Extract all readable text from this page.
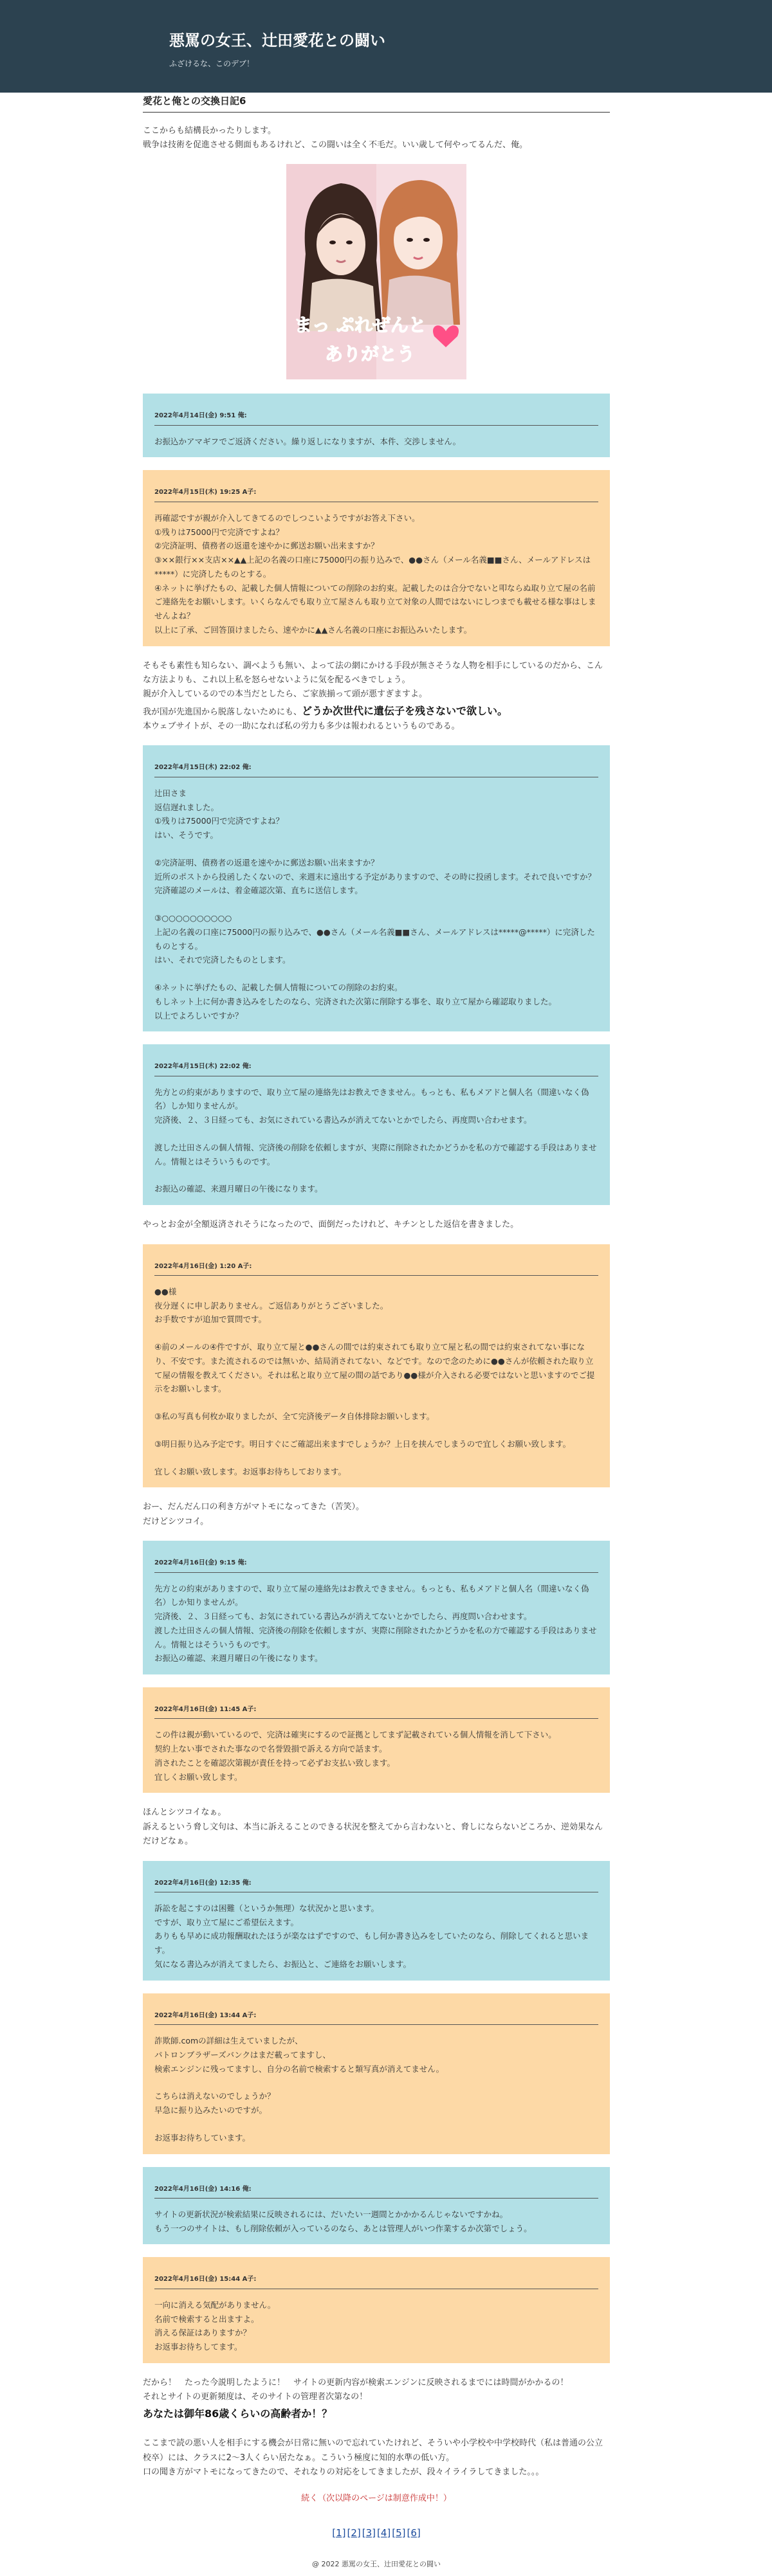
悪罵の女王、辻田愛花との闘い
ふざけるな、このデブ！
愛花と俺との交換日記6

ここからも結構長かったりします。
戦争は技術を促進させる側面もあるけれど、この闘いは全く不毛だ。いい歳して何やってるんだ、俺。

まっ ぷれぜんと
ありがとう
2022年4月14日(金) 9:51 俺:
お振込かアマギフでご返済ください。繰り返しになりますが、本件、交渉しません。
2022年4月15日(木) 19:25 A子:
再確認ですが親が介入してきてるのでしつこいようですがお答え下さい。
①残りは75000円で完済ですよね？
②完済証明、債務者の返還を速やかに郵送お願い出来ますか？
③××銀行××支店××▲▲上記の名義の口座に75000円の振り込みで、●●さん（メール名義■■さん、メールアドレスは*****）に完済したものとする。
④ネットに挙げたもの、記載した個人情報についての削除のお約束。記載したのは合分でないと叩ならぬ取り立て屋の名前ご連絡先をお願いします。いくらなんでも取り立て屋さんも取り立て対象の人間ではないにしつまでも載せる様な事はしませんよね？
以上に了承、ご回答頂けましたら、速やかに▲▲さん名義の口座にお振込みいたします。

そもそも素性も知らない、調べようも無い、よって法の網にかける手段が無さそうな人物を相手にしているのだから、こんな方法よりも、これ以上私を怒らせないように気を配るべきでしょう。
親が介入しているのでの本当だとしたら、ご家族揃って頭が悪すぎますよ。
我が国が先進国から脱落しないためにも、どうか次世代に遺伝子を残さないで欲しい。
本ウェブサイトが、その一助になれば私の労力も多少は報われるというものである。

2022年4月15日(木) 22:02 俺:
辻田さま
返信遅れました。
①残りは75000円で完済ですよね？
はい、そうです。
②完済証明、債務者の返還を速やかに郵送お願い出来ますか？
近所のポストから投函したくないので、来週末に遠出する予定がありますので、その時に投函します。それで良いですか？完済確認のメールは、着金確認次第、直ちに送信します。
③○○○○○○○○○○
上記の名義の口座に75000円の振り込みで、●●さん（メール名義■■さん、メールアドレスは*****@*****）に完済したものとする。
はい、それで完済したものとします。
④ネットに挙げたもの、記載した個人情報についての削除のお約束。
もしネット上に何か書き込みをしたのなら、完済された次第に削除する事を、取り立て屋から確認取りました。
以上でよろしいですか？
2022年4月15日(木) 22:02 俺:
先方との約束がありますので、取り立て屋の連絡先はお教えできません。もっとも、私もメアドと個人名（間違いなく偽名）しか知りませんが。
完済後、２、３日経っても、お気にされている書込みが消えてないとかでしたら、再度問い合わせます。
渡した辻田さんの個人情報、完済後の削除を依頼しますが、実際に削除されたかどうかを私の方で確認する手段はありません。情報とはそういうものです。
お振込の確認、来週月曜日の午後になります。

やっとお金が全額返済されそうになったので、面倒だったけれど、キチンとした返信を書きました。

2022年4月16日(金) 1:20 A子:
●●様
夜分遅くに申し訳ありません。ご返信ありがとうございました。
お手数ですが追加で質問です。
④前のメールの④件ですが、取り立て屋と●●さんの間では約束されても取り立て屋と私の間では約束されてない事になり、不安です。また流されるのでは無いか、結局消されてない、などです。なので念のために●●さんが依頼された取り立て屋の情報を教えてください。それは私と取り立て屋の間の話であり●●様が介入される必要ではないと思いますのでご提示をお願いします。
③私の写真も何枚か取りましたが、全て完済後データ自体排除お願いします。
③明日振り込み予定です。明日すぐにご確認出来ますでしょうか？上日を挟んでしまうので宜しくお願い致します。
宜しくお願い致します。お返事お待ちしております。

おー、だんだん口の利き方がマトモになってきた（苦笑）。
だけどシツコイ。

2022年4月16日(金) 9:15 俺:
先方との約束がありますので、取り立て屋の連絡先はお教えできません。もっとも、私もメアドと個人名（間違いなく偽名）しか知りませんが。
完済後、２、３日経っても、お気にされている書込みが消えてないとかでしたら、再度問い合わせます。
渡した辻田さんの個人情報、完済後の削除を依頼しますが、実際に削除されたかどうかを私の方で確認する手段はありません。情報とはそういうものです。
お振込の確認、来週月曜日の午後になります。
2022年4月16日(金) 11:45 A子:
この件は親が動いているので、完済は確実にするので証拠としてまず記載されている個人情報を消して下さい。
契約上ない事でされた事なので名誉毀損で訴える方向で話ます。
消されたことを確認次第親が責任を持って必ずお支払い致します。
宜しくお願い致します。

ほんとシツコイなぁ。
訴えるという脅し文句は、本当に訴えることのできる状況を整えてから言わないと、脅しにならないどころか、逆効果なんだけどなぁ。

2022年4月16日(金) 12:35 俺:
訴訟を起こすのは困難（というか無理）な状況かと思います。
ですが、取り立て屋にご希望伝えます。
ありもも早めに成功報酬取れたほうが楽なはずですので、もし何か書き込みをしていたのなら、削除してくれると思います。
気になる書込みが消えてましたら、お振込と、ご連絡をお願いします。
2022年4月16日(金) 13:44 A子:
詐欺師.comの詳細は生えていましたが、
パトロンブラザーズバンクはまだ載ってますし、
検索エンジンに残ってますし、自分の名前で検索すると類写真が消えてません。
こちらは消えないのでしょうか？
早急に振り込みたいのですが。
お返事お待ちしています。
2022年4月16日(金) 14:16 俺:
サイトの更新状況が検索結果に反映されるには、だいたい一週間とかかかるんじゃないですかね。
もう一つのサイトは、もし削除依頼が入っているのなら、あとは管理人がいつ作業するか次第でしょう。
2022年4月16日(金) 15:44 A子:
一向に消える気配がありません。
名前で検索すると出ますよ。
消える保証はありますか？
お返事お待ちしてます。

だから！　たった今説明したように！　サイトの更新内容が検索エンジンに反映されるまでには時間がかかるの！
それとサイトの更新頻度は、そのサイトの管理者次第なの！
あなたは御年86歳くらいの高齢者か！？

ここまで読の悪い人を相手にする機会が日常に無いので忘れていたけれど、そういや小学校や中学校時代（私は普通の公立校卒）には、クラスに2～3人くらい居たなぁ。こういう極度に知的水準の低い方。
口の聞き方がマトモになってきたので、それなりの対応をしてきましたが、段々イライラしてきました。。。

続く（次以降のページは制意作成中！）
[1] [2] [3] [4] [5] [6]
@ 2022 悪罵の女王、辻田愛花との闘い
